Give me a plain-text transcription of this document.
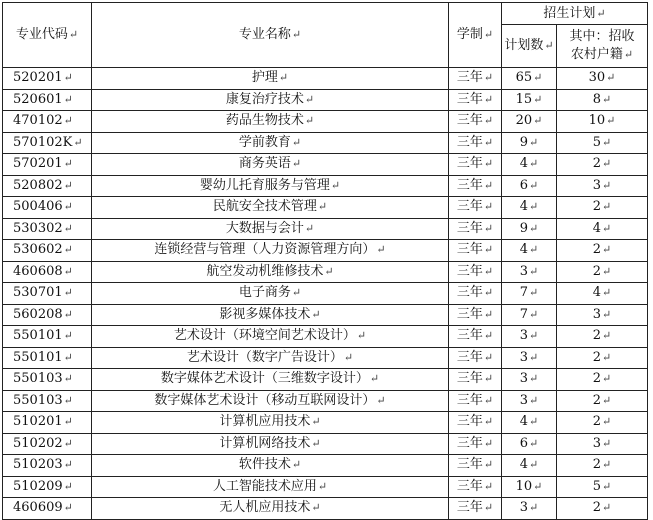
专业代码↵	专业名称↵	学制↵	招生计划↵	
			计划数↵	其中：招收
农村户籍↵

520201↵	护理↵	三年↵	65↵	30↵
520601↵	康复治疗技术↵	三年↵	15↵	8↵
470102↵	药品生物技术↵	三年↵	20↵	10↵
570102K↵	学前教育↵	三年↵	9↵	5↵
570201↵	商务英语↵	三年↵	4↵	2↵
520802↵	婴幼儿托育服务与管理↵	三年↵	6↵	3↵
500406↵	民航安全技术管理↵	三年↵	4↵	2↵
530302↵	大数据与会计↵	三年↵	9↵	4↵
530602↵	连锁经营与管理（人力资源管理方向）↵	三年↵	4↵	2↵
460608↵	航空发动机维修技术↵	三年↵	3↵	2↵
530701↵	电子商务↵	三年↵	7↵	4↵
560208↵	影视多媒体技术↵	三年↵	7↵	3↵
550101↵	艺术设计（环境空间艺术设计）↵	三年↵	3↵	2↵
550101↵	艺术设计（数字广告设计）↵	三年↵	3↵	2↵
550103↵	数字媒体艺术设计（三维数字设计）↵	三年↵	3↵	2↵
550103↵	数字媒体艺术设计（移动互联网设计）↵	三年↵	3↵	2↵
510201↵	计算机应用技术↵	三年↵	4↵	2↵
510202↵	计算机网络技术↵	三年↵	6↵	3↵
510203↵	软件技术↵	三年↵	4↵	2↵
510209↵	人工智能技术应用↵	三年↵	10↵	5↵
460609↵	无人机应用技术↵	三年↵	3↵	2↵
